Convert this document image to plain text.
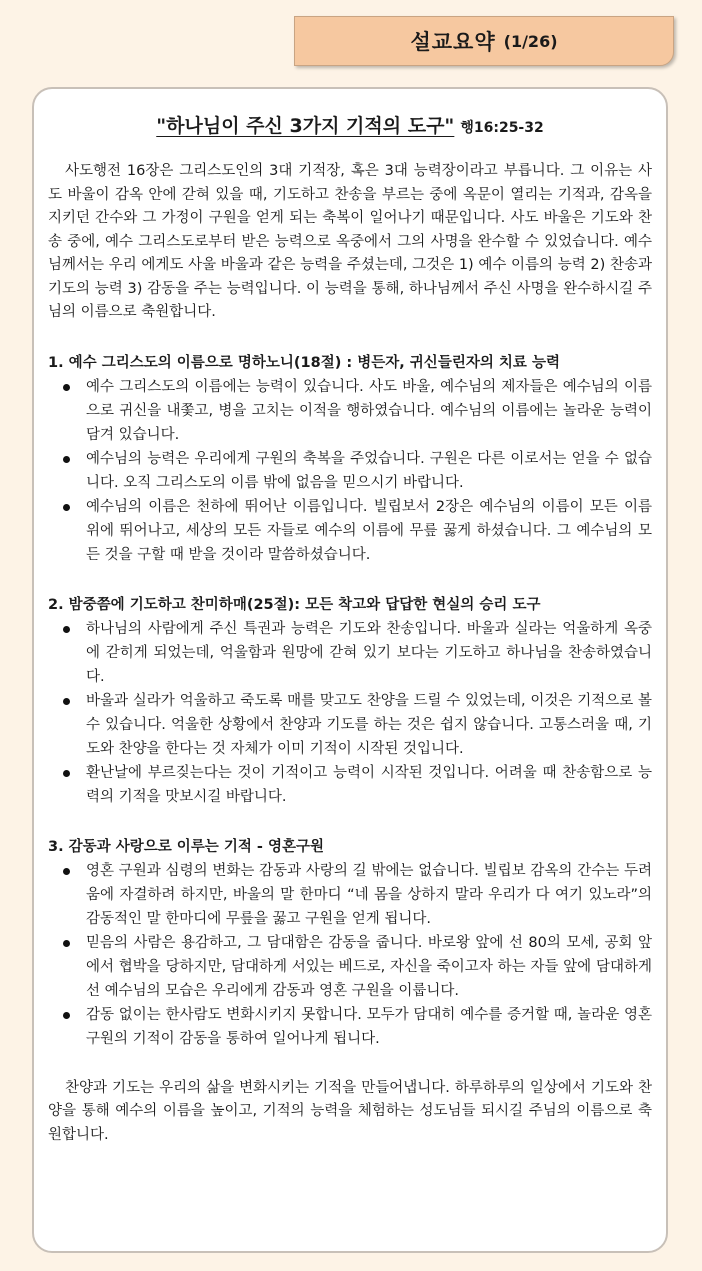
설교요약 (1/26)
"하나님이 주신 3가지 기적의 도구" 행16:25-32

사도행전 16장은 그리스도인의 3대 기적장, 혹은 3대 능력장이라고 부릅니다. 그 이유는 사도 바울이 감옥 안에 갇혀 있을 때, 기도하고 찬송을 부르는 중에 옥문이 열리는 기적과, 감옥을 지키던 간수와 그 가정이 구원을 얻게 되는 축복이 일어나기 때문입니다. 사도 바울은 기도와 찬송 중에, 예수 그리스도로부터 받은 능력으로 옥중에서 그의 사명을 완수할 수 있었습니다. 예수님께서는 우리 에게도 사울 바울과 같은 능력을 주셨는데, 그것은 1) 예수 이름의 능력 2) 찬송과 기도의 능력 3) 감동을 주는 능력입니다. 이 능력을 통해, 하나님께서 주신 사명을 완수하시길 주님의 이름으로 축원합니다.

1. 예수 그리스도의 이름으로 명하노니(18절) : 병든자, 귀신들린자의 치료 능력
예수 그리스도의 이름에는 능력이 있습니다. 사도 바울, 예수님의 제자들은 예수님의 이름으로 귀신을 내쫓고, 병을 고치는 이적을 행하였습니다. 예수님의 이름에는 놀라운 능력이 담겨 있습니다.
예수님의 능력은 우리에게 구원의 축복을 주었습니다. 구원은 다른 이로서는 얻을 수 없습니다. 오직 그리스도의 이름 밖에 없음을 믿으시기 바랍니다.
예수님의 이름은 천하에 뛰어난 이름입니다. 빌립보서 2장은 예수님의 이름이 모든 이름 위에 뛰어나고, 세상의 모든 자들로 예수의 이름에 무릎 꿇게 하셨습니다. 그 예수님의 모든 것을 구할 때 받을 것이라 말씀하셨습니다.
2. 밤중쯤에 기도하고 찬미하매(25절): 모든 착고와 답답한 현실의 승리 도구
하나님의 사람에게 주신 특권과 능력은 기도와 찬송입니다. 바울과 실라는 억울하게 옥중에 갇히게 되었는데, 억울함과 원망에 갇혀 있기 보다는 기도하고 하나님을 찬송하였습니다.
바울과 실라가 억울하고 죽도록 매를 맞고도 찬양을 드릴 수 있었는데, 이것은 기적으로 볼 수 있습니다. 억울한 상황에서 찬양과 기도를 하는 것은 쉽지 않습니다. 고통스러울 때, 기도와 찬양을 한다는 것 자체가 이미 기적이 시작된 것입니다.
환난날에 부르짖는다는 것이 기적이고 능력이 시작된 것입니다. 어려울 때 찬송함으로 능력의 기적을 맛보시길 바랍니다.
3. 감동과 사랑으로 이루는 기적 - 영혼구원
영혼 구원과 심령의 변화는 감동과 사랑의 길 밖에는 없습니다. 빌립보 감옥의 간수는 두려움에 자결하려 하지만, 바울의 말 한마디 “네 몸을 상하지 말라 우리가 다 여기 있노라”의 감동적인 말 한마디에 무릎을 꿇고 구원을 얻게 됩니다.
믿음의 사람은 용감하고, 그 담대함은 감동을 줍니다. 바로왕 앞에 선 80의 모세, 공회 앞에서 협박을 당하지만, 담대하게 서있는 베드로, 자신을 죽이고자 하는 자들 앞에 담대하게 선 예수님의 모습은 우리에게 감동과 영혼 구원을 이룹니다.
감동 없이는 한사람도 변화시키지 못합니다. 모두가 담대히 예수를 증거할 때, 놀라운 영혼 구원의 기적이 감동을 통하여 일어나게 됩니다.

찬양과 기도는 우리의 삶을 변화시키는 기적을 만들어냅니다. 하루하루의 일상에서 기도와 찬양을 통해 예수의 이름을 높이고, 기적의 능력을 체험하는 성도님들 되시길 주님의 이름으로 축원합니다.
